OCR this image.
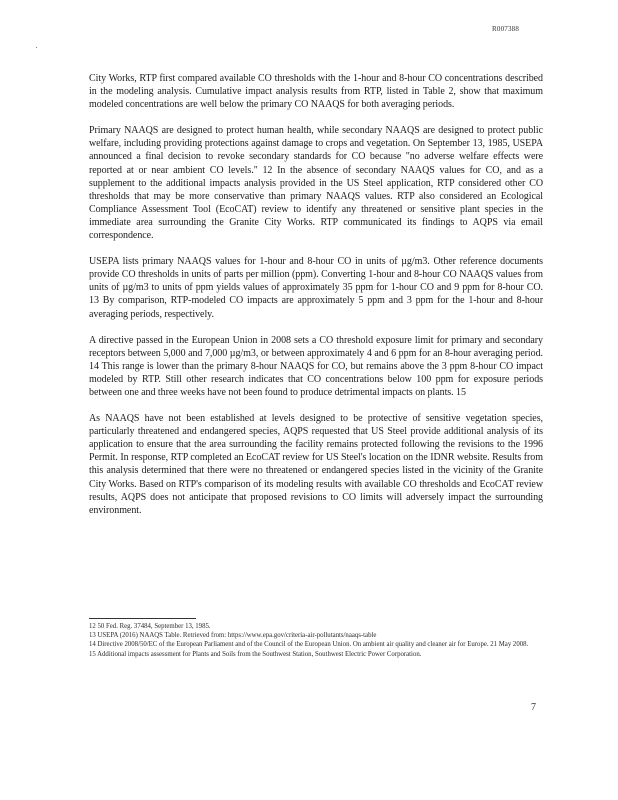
R007388

City Works, RTP first compared available CO thresholds with the 1-hour and 8-hour CO concentrations described in the modeling analysis. Cumulative impact analysis results from RTP, listed in Table 2, show that maximum modeled concentrations are well below the primary CO NAAQS for both averaging periods.

Primary NAAQS are designed to protect human health, while secondary NAAQS are designed to protect public welfare, including providing protections against damage to crops and vegetation. On September 13, 1985, USEPA announced a final decision to revoke secondary standards for CO because "no adverse welfare effects were reported at or near ambient CO levels." 12 In the absence of secondary NAAQS values for CO, and as a supplement to the additional impacts analysis provided in the US Steel application, RTP considered other CO thresholds that may be more conservative than primary NAAQS values. RTP also considered an Ecological Compliance Assessment Tool (EcoCAT) review to identify any threatened or sensitive plant species in the immediate area surrounding the Granite City Works. RTP communicated its findings to AQPS via email correspondence.

USEPA lists primary NAAQS values for 1-hour and 8-hour CO in units of µg/m3. Other reference documents provide CO thresholds in units of parts per million (ppm). Converting 1-hour and 8-hour CO NAAQS values from units of µg/m3 to units of ppm yields values of approximately 35 ppm for 1-hour CO and 9 ppm for 8-hour CO. 13 By comparison, RTP-modeled CO impacts are approximately 5 ppm and 3 ppm for the 1-hour and 8-hour averaging periods, respectively.

A directive passed in the European Union in 2008 sets a CO threshold exposure limit for primary and secondary receptors between 5,000 and 7,000 µg/m3, or between approximately 4 and 6 ppm for an 8-hour averaging period. 14 This range is lower than the primary 8-hour NAAQS for CO, but remains above the 3 ppm 8-hour CO impact modeled by RTP. Still other research indicates that CO concentrations below 100 ppm for exposure periods between one and three weeks have not been found to produce detrimental impacts on plants. 15

As NAAQS have not been established at levels designed to be protective of sensitive vegetation species, particularly threatened and endangered species, AQPS requested that US Steel provide additional analysis of its application to ensure that the area surrounding the facility remains protected following the revisions to the 1996 Permit. In response, RTP completed an EcoCAT review for US Steel's location on the IDNR website. Results from this analysis determined that there were no threatened or endangered species listed in the vicinity of the Granite City Works. Based on RTP's comparison of its modeling results with available CO thresholds and EcoCAT review results, AQPS does not anticipate that proposed revisions to CO limits will adversely impact the surrounding environment.

12 50 Fed. Reg. 37484, September 13, 1985.

13 USEPA (2016) NAAQS Table. Retrieved from: https://www.epa.gov/criteria-air-pollutants/naaqs-table

14 Directive 2008/50/EC of the European Parliament and of the Council of the European Union. On ambient air quality and cleaner air for Europe. 21 May 2008.

15 Additional impacts assessment for Plants and Soils from the Southwest Station, Southwest Electric Power Corporation.

7
